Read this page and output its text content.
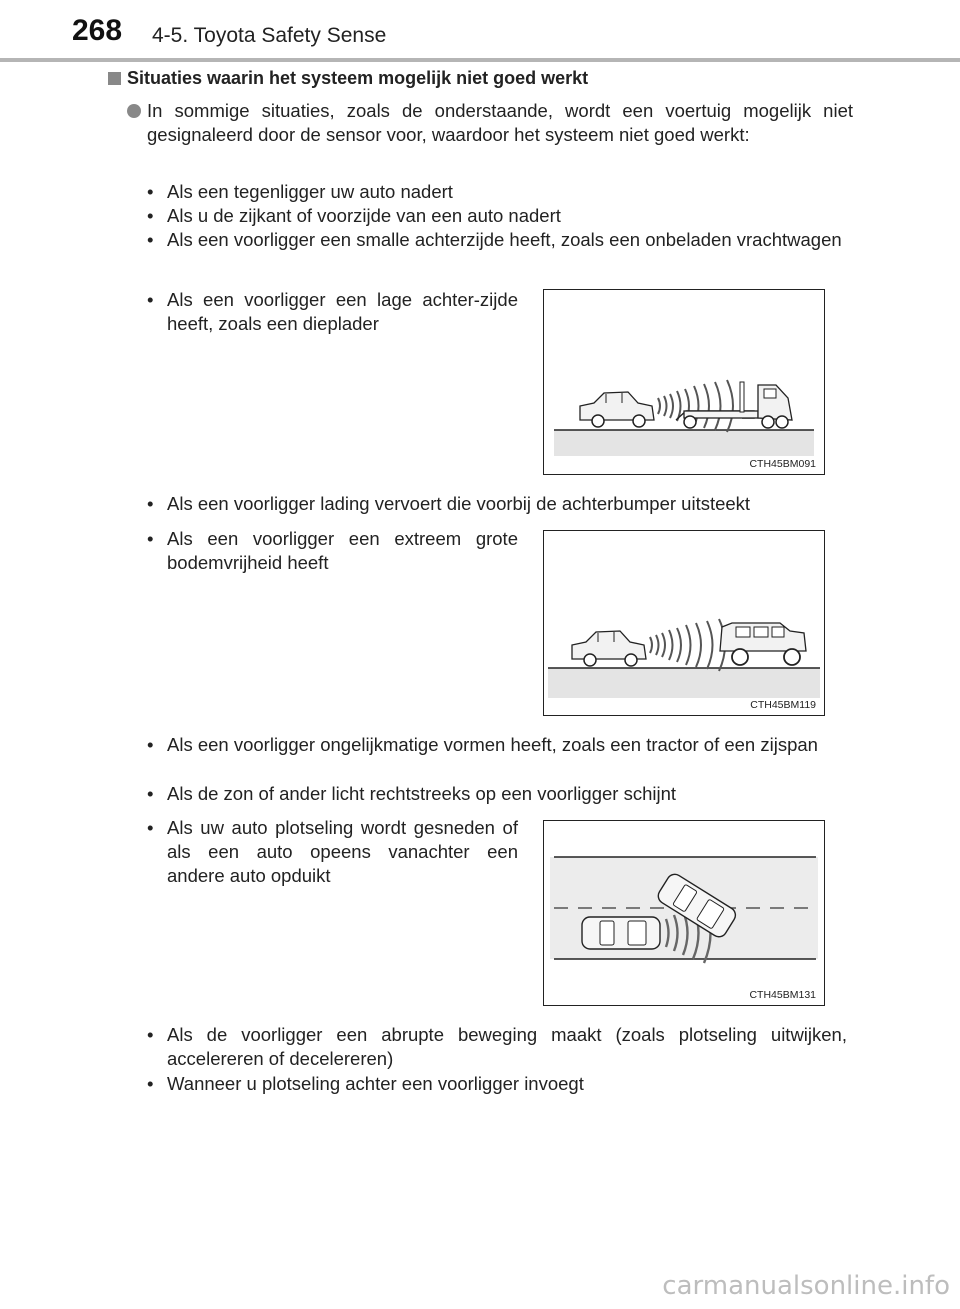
268 4-5. Toyota Safety Sense
Situaties waarin het systeem mogelijk niet goed werkt
In sommige situaties, zoals de onderstaande, wordt een voertuig mogelijk niet gesignaleerd door de sensor voor, waardoor het systeem niet goed werkt:
• Als een tegenligger uw auto nadert
• Als u de zijkant of voorzijde van een auto nadert
• Als een voorligger een smalle achterzijde heeft, zoals een onbeladen vrachtwagen
• Als een voorligger een lage achter-zijde heeft, zoals een dieplader
CTH45BM091
• Als een voorligger lading vervoert die voorbij de achterbumper uitsteekt
• Als een voorligger een extreem grote bodemvrijheid heeft
CTH45BM119
• Als een voorligger ongelijkmatige vormen heeft, zoals een tractor of een zijspan
• Als de zon of ander licht rechtstreeks op een voorligger schijnt
• Als uw auto plotseling wordt gesneden of als een auto opeens vanachter een andere auto opduikt
CTH45BM131
• Als de voorligger een abrupte beweging maakt (zoals plotseling uitwijken, accelereren of decelereren)
• Wanneer u plotseling achter een voorligger invoegt
carmanualsonline.info
